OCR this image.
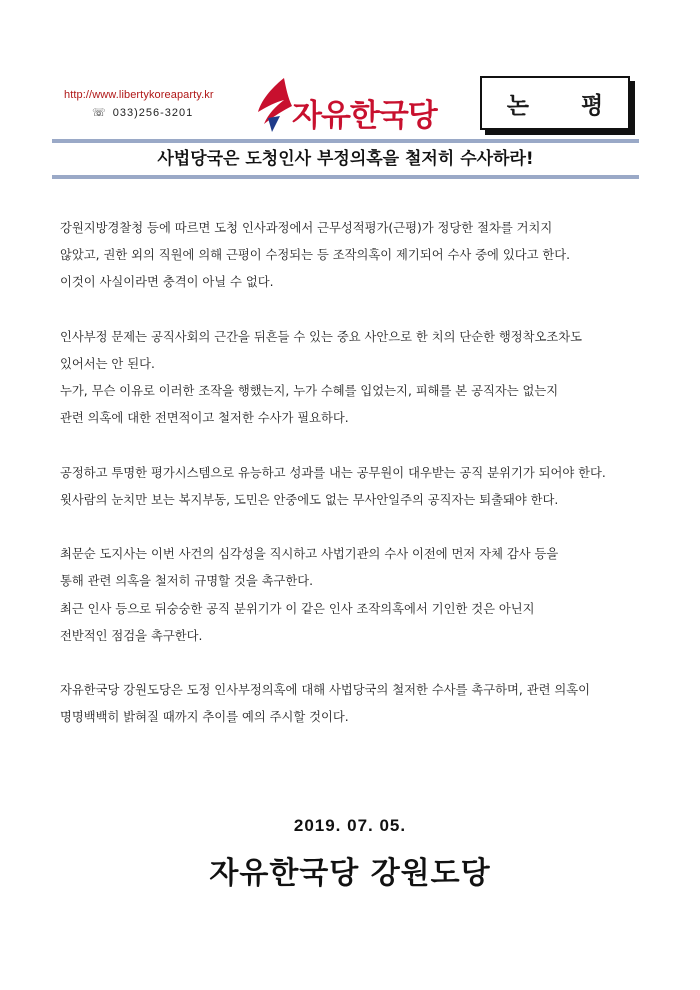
http://www.libertykoreaparty.kr
☏ 033)256-3201	자유한국당	논 평
사법당국은 도청인사 부정의혹을 철저히 수사하라!
강원지방경찰청 등에 따르면 도청 인사과정에서 근무성적평가(근평)가 정당한 절차를 거치지
않았고, 권한 외의 직원에 의해 근평이 수정되는 등 조작의혹이 제기되어 수사 중에 있다고 한다.
이것이 사실이라면 충격이 아닐 수 없다.
인사부정 문제는 공직사회의 근간을 뒤흔들 수 있는 중요 사안으로 한 치의 단순한 행정착오조차도
있어서는 안 된다.
누가, 무슨 이유로 이러한 조작을 행했는지, 누가 수혜를 입었는지, 피해를 본 공직자는 없는지
관련 의혹에 대한 전면적이고 철저한 수사가 필요하다.
공정하고 투명한 평가시스템으로 유능하고 성과를 내는 공무원이 대우받는 공직 분위기가 되어야 한다.
윗사람의 눈치만 보는 복지부동, 도민은 안중에도 없는 무사안일주의 공직자는 퇴출돼야 한다.
최문순 도지사는 이번 사건의 심각성을 직시하고 사법기관의 수사 이전에 먼저 자체 감사 등을
통해 관련 의혹을 철저히 규명할 것을 촉구한다.
최근 인사 등으로 뒤숭숭한 공직 분위기가 이 같은 인사 조작의혹에서 기인한 것은 아닌지
전반적인 점검을 촉구한다.
자유한국당 강원도당은 도정 인사부정의혹에 대해 사법당국의 철저한 수사를 촉구하며, 관련 의혹이
명명백백히 밝혀질 때까지 추이를 예의 주시할 것이다.
2019. 07. 05.
자유한국당 강원도당
